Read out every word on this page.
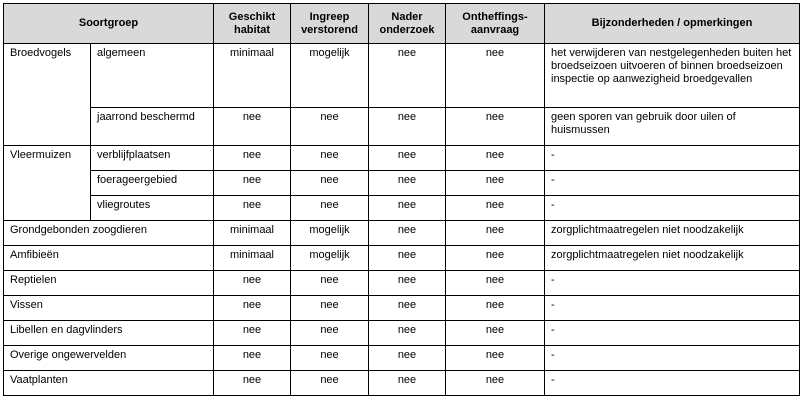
Soortgroep		Geschikt habitat	Ingreep verstorend	Nader onderzoek	Ontheffings-aanvraag	Bijzonderheden / opmerkingen
Broedvogels	algemeen	minimaal	mogelijk	nee	nee	het verwijderen van nestgelegenheden buiten het broedseizoen uitvoeren of binnen broedseizoen inspectie op aanwezigheid broedgevallen
	jaarrond beschermd	nee	nee	nee	nee	geen sporen van gebruik door uilen of huismussen
Vleermuizen	verblijfplaatsen	nee	nee	nee	nee	-
	foerageergebied	nee	nee	nee	nee	-
	vliegroutes	nee	nee	nee	nee	-
Grondgebonden zoogdieren		minimaal	mogelijk	nee	nee	zorgplichtmaatregelen niet noodzakelijk
Amfibieën		minimaal	mogelijk	nee	nee	zorgplichtmaatregelen niet noodzakelijk
Reptielen		nee	nee	nee	nee	-
Vissen		nee	nee	nee	nee	-
Libellen en dagvlinders		nee	nee	nee	nee	-
Overige ongewervelden		nee	nee	nee	nee	-
Vaatplanten		nee	nee	nee	nee	-
